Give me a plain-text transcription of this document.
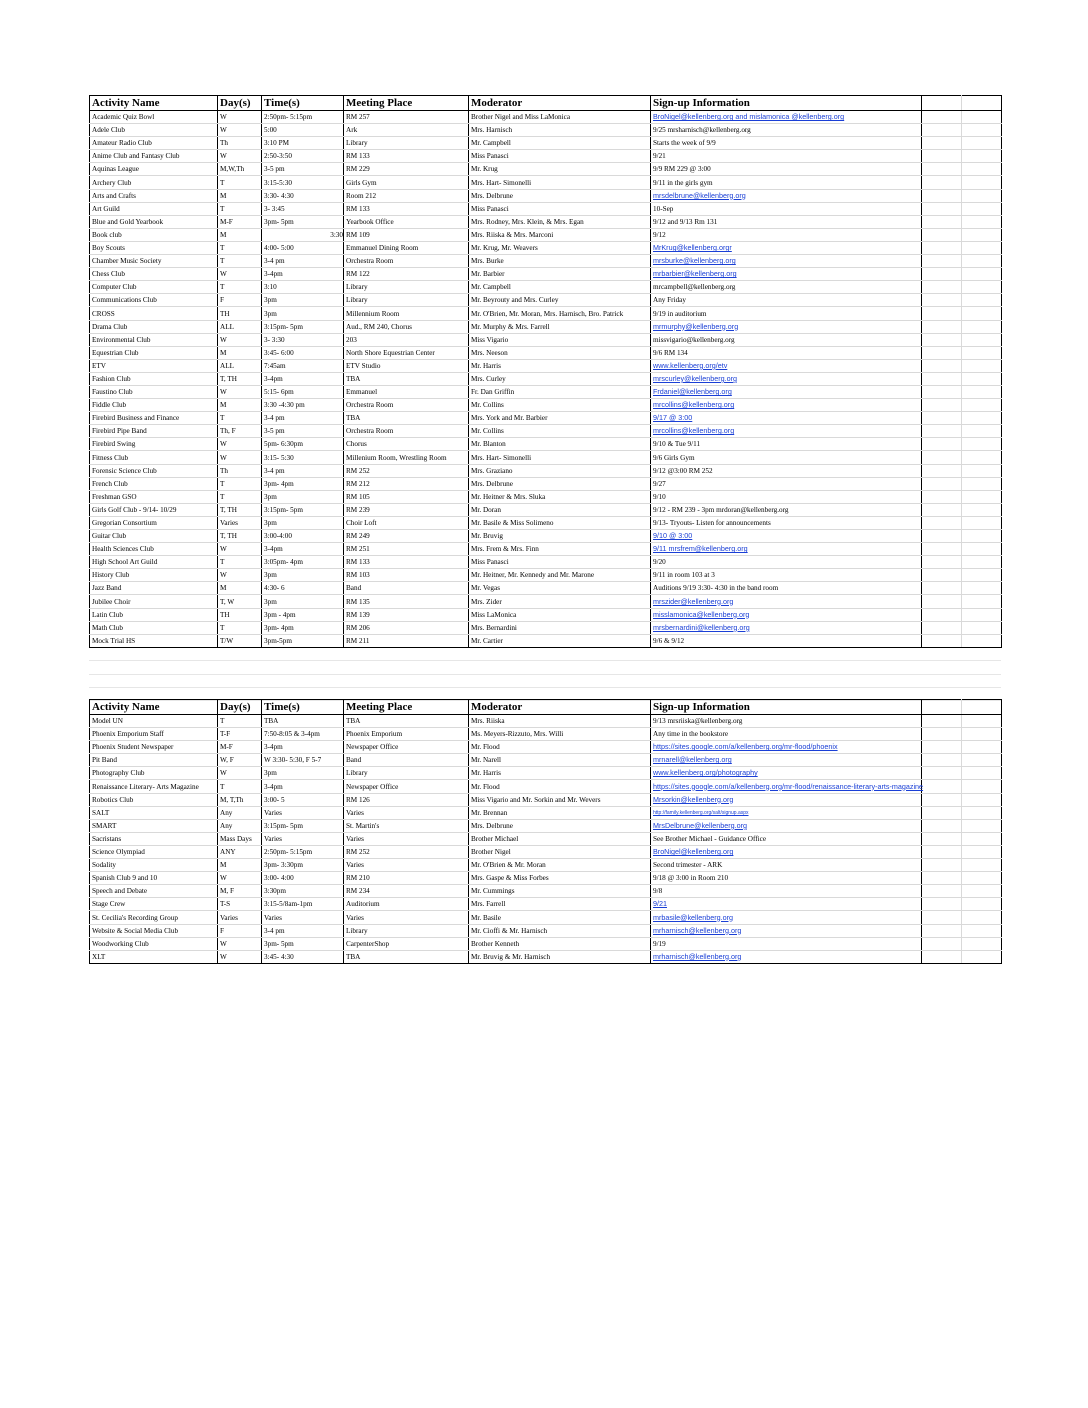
Activity Name	Day(s)	Time(s)	Meeting Place	Moderator	Sign-up Information		
Academic Quiz Bowl	W	2:50pm- 5:15pm	RM 257	Brother Nigel and Miss LaMonica	BroNigel@kellenberg.org and mislamonica @kellenberg.org		
Adele Club	W	5:00	Ark	Mrs. Harnisch	9/25 mrsharnisch@kellenberg.org		
Amateur Radio Club	Th	3:10 PM	Library	Mr. Campbell	Starts the week of 9/9		
Anime Club and Fantasy Club	W	2:50-3:50	RM 133	Miss Panasci	9/21		
Aquinas League	M,W,Th	3-5 pm	RM 229	Mr. Krug	9/9 RM 229 @ 3:00		
Archery Club	T	3:15-5:30	Girls Gym	Mrs. Hart- Simonelli	9/11 in the girls gym		
Arts and Crafts	M	3:30- 4:30	Room 212	Mrs. Delbrune	mrsdelbrune@kellenberg.org		
Art Guild	T	3- 3:45	RM 133	Miss Panasci	10-Sep		
Blue and Gold Yearbook	M-F	3pm- 5pm	Yearbook Office	Mrs. Rodney, Mrs. Klein, & Mrs. Egan	9/12 and 9/13 Rm 131		
Book club	M	3:30	RM 109	Mrs. Riiska & Mrs. Marconi	9/12		
Boy Scouts	T	4:00- 5:00	Emmanuel Dining Room	Mr. Krug, Mr. Weavers	MrKrug@kellenberg.orgr		
Chamber Music Society	T	3-4 pm	Orchestra Room	Mrs. Burke	mrsburke@kellenberg.org		
Chess Club	W	3-4pm	RM 122	Mr. Barbier	mrbarbier@kellenberg.org		
Computer Club	T	3:10	Library	Mr. Campbell	mrcampbell@kellenberg.org		
Communications Club	F	3pm	Library	Mr. Beyrouty and Mrs. Curley	Any Friday		
CROSS	TH	3pm	Millennium Room	Mr. O'Brien, Mr. Moran, Mrs. Harnisch, Bro. Patrick	9/19 in auditorium		
Drama Club	ALL	3:15pm- 5pm	Aud., RM 240, Chorus	Mr. Murphy & Mrs. Farrell	mrmurphy@kellenberg.org		
Environmental Club	W	3- 3:30	203	Miss Vigario	missvigario@kellenberg.org		
Equestrian Club	M	3:45- 6:00	North Shore Equestrian Center	Mrs. Neeson	9/6 RM 134		
ETV	ALL	7:45am	ETV Studio	Mr. Harris	www.kellenberg.org/etv		
Fashion Club	T, TH	3-4pm	TBA	Mrs. Curley	mrscurley@kellenberg.org		
Faustino Club	W	5:15- 6pm	Emmanuel	Fr. Dan Griffin	Frdaniel@kellenberg.org		
Fiddle Club	M	3:30 -4:30 pm	Orchestra Room	Mr. Collins	mrcollins@kellenberg.org		
Firebird Business and Finance	T	3-4 pm	TBA	Mrs. York and Mr. Barbier	9/17 @ 3:00		
Firebird Pipe Band	Th, F	3-5 pm	Orchestra Room	Mr. Collins	mrcollins@kellenberg.org		
Firebird Swing	W	5pm- 6:30pm	Chorus	Mr. Blanton	9/10 & Tue 9/11		
Fitness Club	W	3:15- 5:30	Millenium Room, Wrestling Room	Mrs. Hart- Simonelli	9/6 Girls Gym		
Forensic Science Club	Th	3-4 pm	RM 252	Mrs. Graziano	9/12 @3:00 RM 252		
French Club	T	3pm- 4pm	RM 212	Mrs. Delbrune	9/27		
Freshman GSO	T	3pm	RM 105	Mr. Heitner & Mrs. Sluka	9/10		
Girls Golf Club - 9/14- 10/29	T, TH	3:15pm- 5pm	RM 239	Mr. Doran	9/12 - RM 239 - 3pm mrdoran@kellenberg.org		
Gregorian Consortium	Varies	3pm	Choir Loft	Mr. Basile & Miss Solimeno	9/13- Tryouts- Listen for announcements		
Guitar Club	T, TH	3:00-4:00	RM 249	Mr. Bruvig	9/10 @ 3:00		
Health Sciences Club	W	3-4pm	RM 251	Mrs. Frem & Mrs. Finn	9/11 mrsfrem@kellenberg.org		
High School Art Guild	T	3:05pm- 4pm	RM 133	Miss Panasci	9/20		
History Club	W	3pm	RM 103	Mr. Heitner, Mr. Kennedy and Mr. Marone	9/11 in room 103 at 3		
Jazz Band	M	4:30- 6	Band	Mr. Vegas	Auditions 9/19 3:30- 4:30 in the band room		
Jubilee Choir	T, W	3pm	RM 135	Mrs. Zider	mrszider@kellenberg.org		
Latin Club	TH	3pm - 4pm	RM 139	Miss LaMonica	misslamonica@kellenberg.org		
Math Club	T	3pm- 4pm	RM 206	Mrs. Bernardini	mrsbernardini@kellenberg.org		
Mock Trial HS	T/W	3pm-5pm	RM 211	Mr. Cartier	9/6 & 9/12		
Activity Name	Day(s)	Time(s)	Meeting Place	Moderator	Sign-up Information		
Model UN	T	TBA	TBA	Mrs. Riiska	9/13 mrsriiska@kellenberg.org		
Phoenix Emporium Staff	T-F	7:50-8:05 & 3-4pm	Phoenix Emporium	Ms. Meyers-Rizzuto, Mrs. Willi	Any time in the bookstore		
Phoenix Student Newspaper	M-F	3-4pm	Newspaper Office	Mr. Flood	https://sites.google.com/a/kellenberg.org/mr-flood/phoenix		
Pit Band	W, F	W 3:30- 5:30, F 5-7	Band	Mr. Narell	mrnarell@kellenberg.org		
Photography Club	W	3pm	Library	Mr. Harris	www.kellenberg.org/photography		
Renaissance Literary- Arts Magazine	T	3-4pm	Newspaper Office	Mr. Flood	https://sites.google.com/a/kellenberg.org/mr-flood/renaissance-literary-arts-magazine		
Robotics Club	M, T,Th	3:00- 5	RM 126	Miss Vigario and Mr. Sorkin and Mr. Wevers	Mrsorkin@kellenberg.org		
SALT	Any	Varies	Varies	Mr. Brennan	http://family.kellenberg.org/salt/signup.aspx		
SMART	Any	3:15pm- 5pm	St. Martin's	Mrs. Delbrune	MrsDelbrune@kellenberg.org		
Sacristans	Mass Days	Varies	Varies	Brother Michael	See Brother Michael - Guidance Office		
Science Olympiad	ANY	2:50pm- 5:15pm	RM 252	Brother Nigel	BroNigel@kellenberg.org		
Sodality	M	3pm- 3:30pm	Varies	Mr. O'Brien & Mr. Moran	Second trimester - ARK		
Spanish Club 9 and 10	W	3:00- 4:00	RM 210	Mrs. Gaspe & Miss Forbes	9/18 @ 3:00 in Room 210		
Speech and Debate	M, F	3:30pm	RM 234	Mr. Cummings	9/8		
Stage Crew	T-S	3:15-5/8am-1pm	Auditorium	Mrs. Farrell	9/21		
St. Cecilia's Recording Group	Varies	Varies	Varies	Mr. Basile	mrbasile@kellenberg.org		
Website & Social Media Club	F	3-4 pm	Library	Mr. Cioffi & Mr. Harnisch	mrharnisch@kellenberg.org		
Woodworking Club	W	3pm- 5pm	CarpenterShop	Brother Kenneth	9/19		
XLT	W	3:45- 4:30	TBA	Mr. Bruvig & Mr. Harnisch	mrharnisch@kellenberg.org		
